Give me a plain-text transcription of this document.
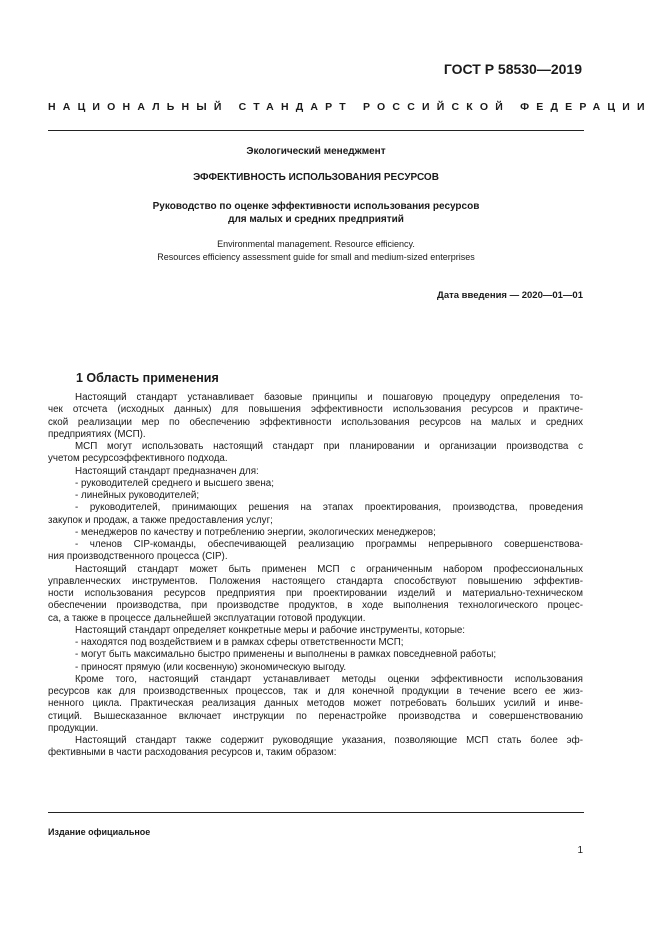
ГОСТ Р 58530—2019
НАЦИОНАЛЬНЫЙ СТАНДАРТ РОССИЙСКОЙ ФЕДЕРАЦИИ
Экологический менеджмент
ЭФФЕКТИВНОСТЬ ИСПОЛЬЗОВАНИЯ РЕСУРСОВ
Руководство по оценке эффективности использования ресурсов
для малых и средних предприятий
Environmental management. Resource efficiency.
Resources efficiency assessment guide for small and medium-sized enterprises
Дата введения — 2020—01—01
1 Область применения
Настоящий стандарт устанавливает базовые принципы и пошаговую процедуру определения то-
чек отсчета (исходных данных) для повышения эффективности использования ресурсов и практиче-
ской реализации мер по обеспечению эффективности использования ресурсов на малых и средних
предприятиях (МСП).
МСП могут использовать настоящий стандарт при планировании и организации производства с
учетом ресурсоэффективного подхода.
Настоящий стандарт предназначен для:
- руководителей среднего и высшего звена;
- линейных руководителей;
- руководителей, принимающих решения на этапах проектирования, производства, проведения
закупок и продаж, а также предоставления услуг;
- менеджеров по качеству и потреблению энергии, экологических менеджеров;
- членов CIP-команды, обеспечивающей реализацию программы непрерывного совершенствова-
ния производственного процесса (CIP).
Настоящий стандарт может быть применен МСП с ограниченным набором профессиональных
управленческих инструментов. Положения настоящего стандарта способствуют повышению эффектив-
ности использования ресурсов предприятия при проектировании изделий и материально-техническом
обеспечении производства, при производстве продуктов, в ходе выполнения технологического процес-
са, а также в процессе дальнейшей эксплуатации готовой продукции.
Настоящий стандарт определяет конкретные меры и рабочие инструменты, которые:
- находятся под воздействием и в рамках сферы ответственности МСП;
- могут быть максимально быстро применены и выполнены в рамках повседневной работы;
- приносят прямую (или косвенную) экономическую выгоду.
Кроме того, настоящий стандарт устанавливает методы оценки эффективности использования
ресурсов как для производственных процессов, так и для конечной продукции в течение всего ее жиз-
ненного цикла. Практическая реализация данных методов может потребовать больших усилий и инве-
стиций. Вышесказанное включает инструкции по перенастройке производства и совершенствованию
продукции.
Настоящий стандарт также содержит руководящие указания, позволяющие МСП стать более эф-
фективными в части расходования ресурсов и, таким образом:
Издание официальное
1
